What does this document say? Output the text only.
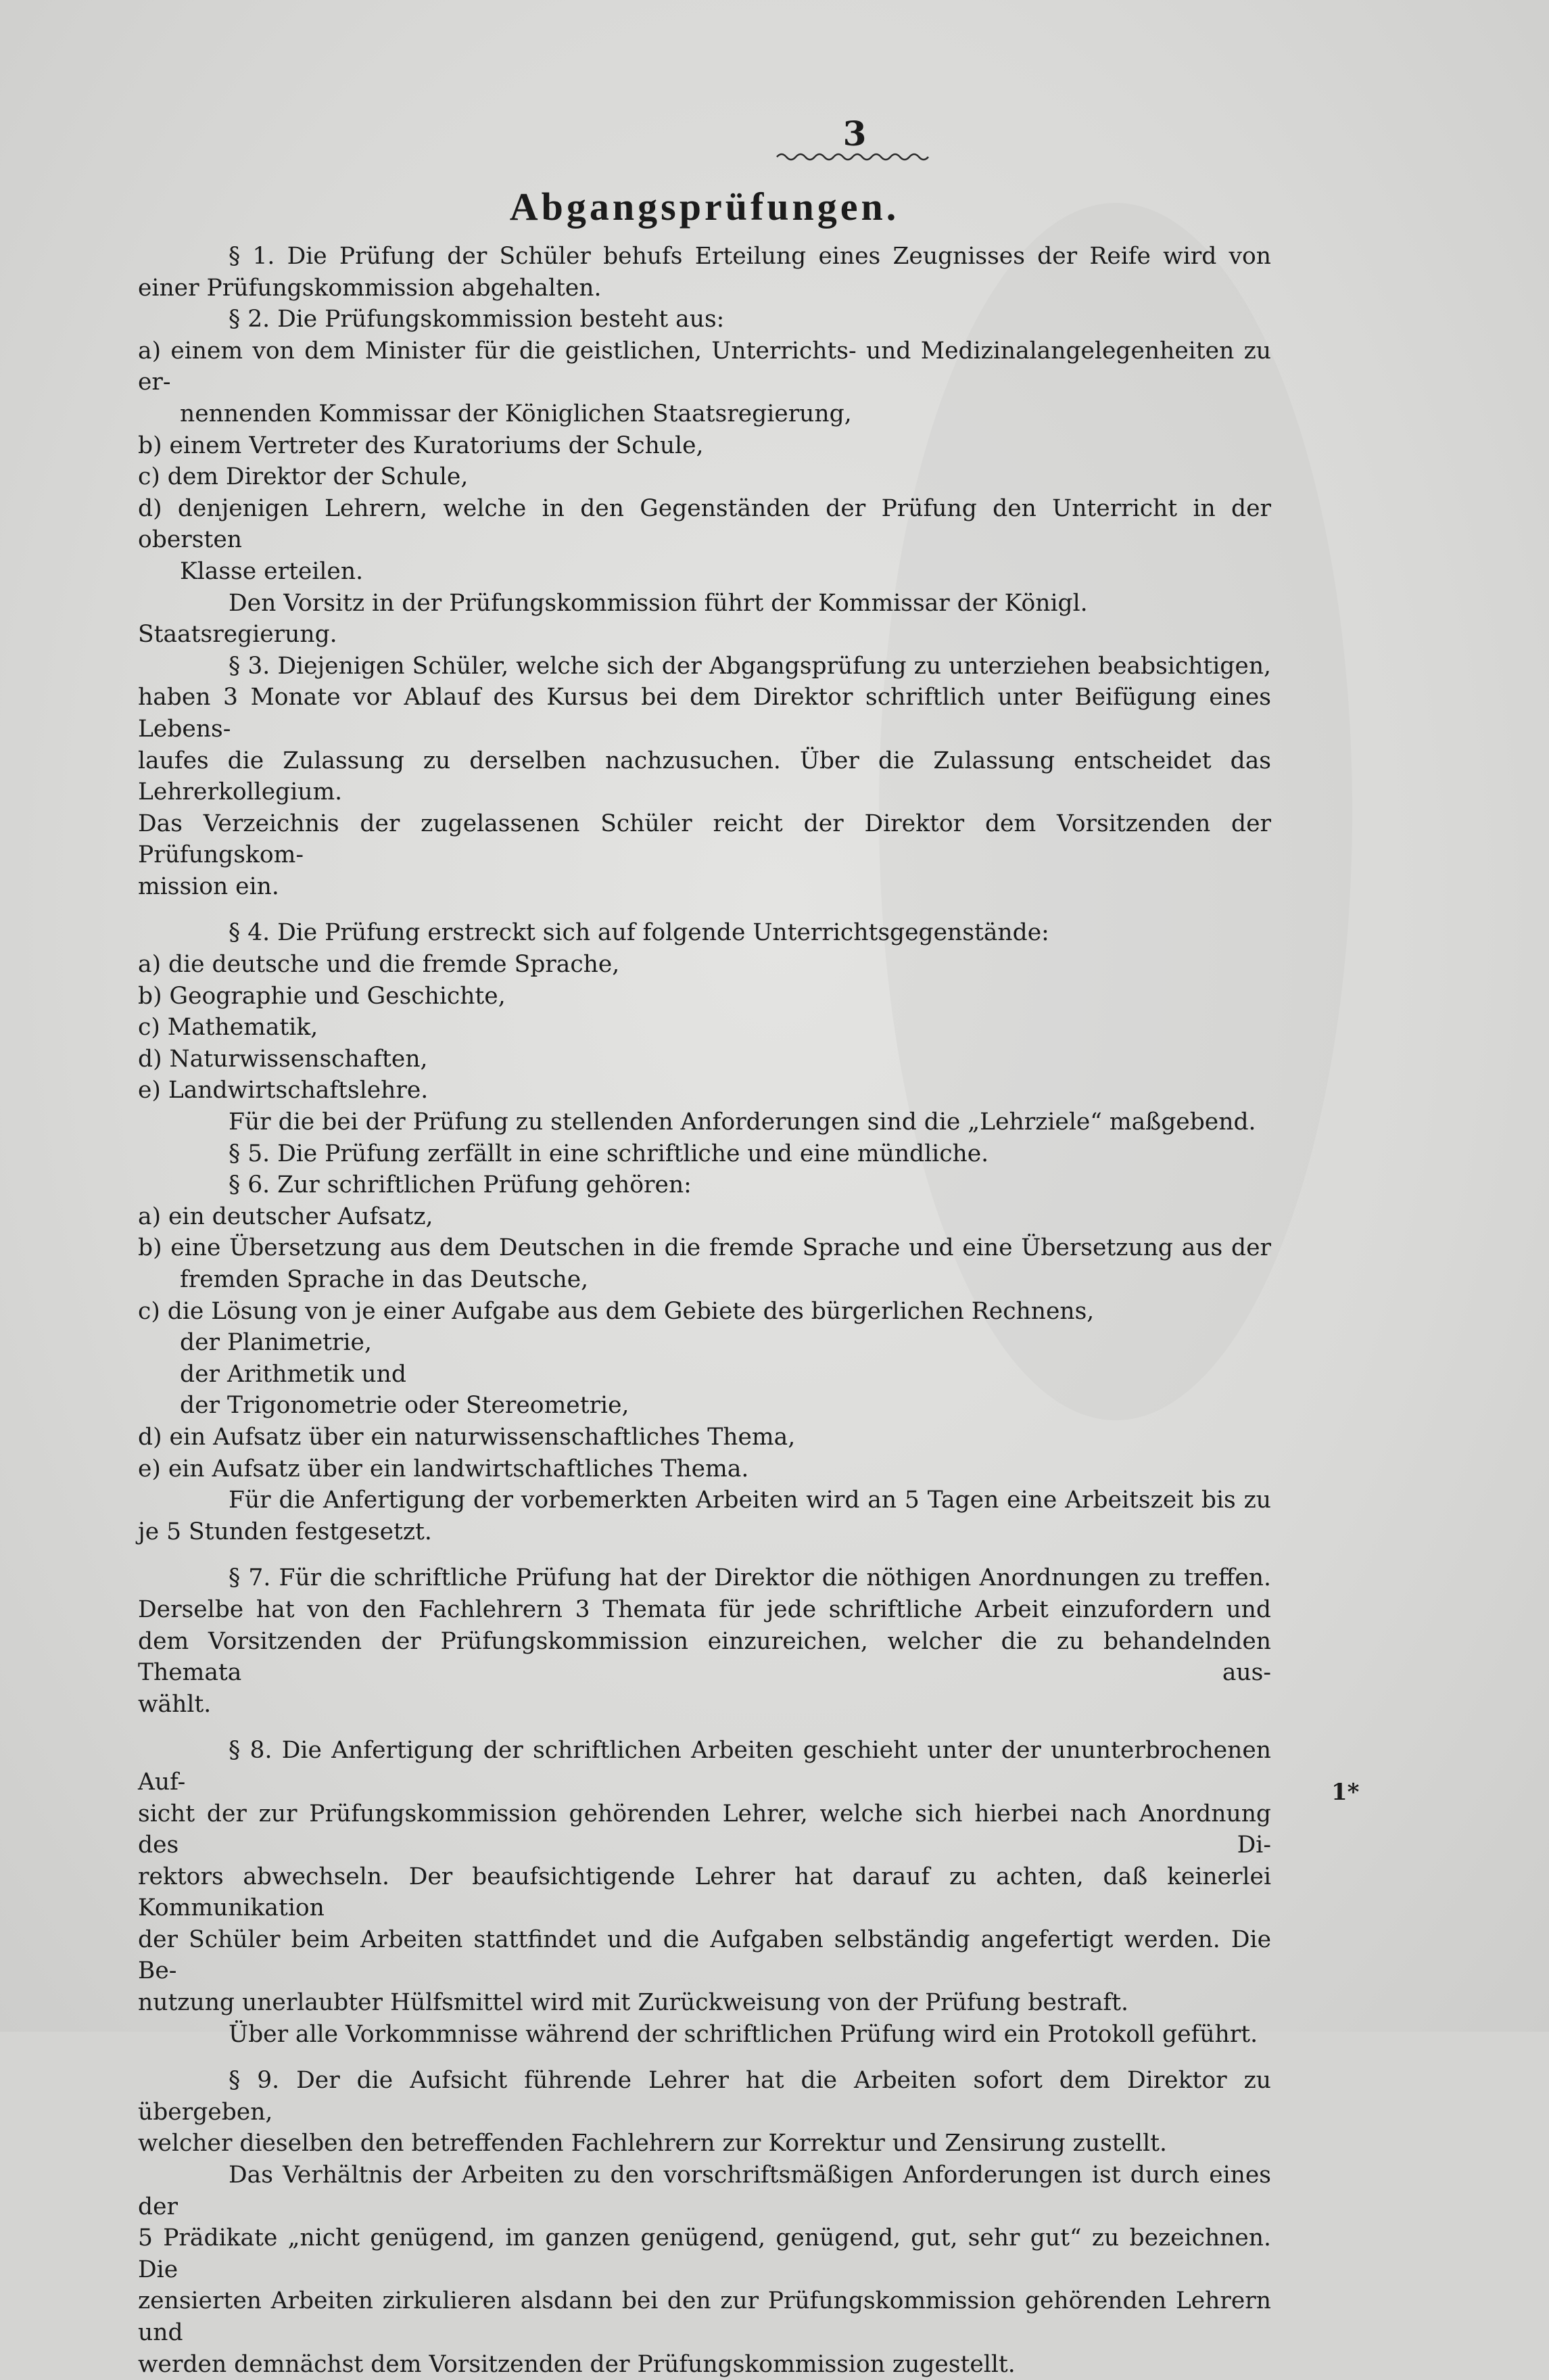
3
Abgangsprüfungen.

§ 1. Die Prüfung der Schüler behufs Erteilung eines Zeugnisses der Reife wird von

einer Prüfungskommission abgehalten.

§ 2. Die Prüfungskommission besteht aus:

a) einem von dem Minister für die geistlichen, Unterrichts- und Medizinalangelegenheiten zu er-

nennenden Kommissar der Königlichen Staatsregierung,

b) einem Vertreter des Kuratoriums der Schule,

c) dem Direktor der Schule,

d) denjenigen Lehrern, welche in den Gegenständen der Prüfung den Unterricht in der obersten

Klasse erteilen.

Den Vorsitz in der Prüfungskommission führt der Kommissar der Königl. Staatsregierung.

§ 3. Diejenigen Schüler, welche sich der Abgangsprüfung zu unterziehen beabsichtigen,

haben 3 Monate vor Ablauf des Kursus bei dem Direktor schriftlich unter Beifügung eines Lebens-

laufes die Zulassung zu derselben nachzusuchen. Über die Zulassung entscheidet das Lehrerkollegium.

Das Verzeichnis der zugelassenen Schüler reicht der Direktor dem Vorsitzenden der Prüfungskom-

mission ein.

§ 4. Die Prüfung erstreckt sich auf folgende Unterrichtsgegenstände:

a) die deutsche und die fremde Sprache,

b) Geographie und Geschichte,

c) Mathematik,

d) Naturwissenschaften,

e) Landwirtschaftslehre.

Für die bei der Prüfung zu stellenden Anforderungen sind die „Lehrziele“ maßgebend.

§ 5. Die Prüfung zerfällt in eine schriftliche und eine mündliche.

§ 6. Zur schriftlichen Prüfung gehören:

a) ein deutscher Aufsatz,

b) eine Übersetzung aus dem Deutschen in die fremde Sprache und eine Übersetzung aus der

fremden Sprache in das Deutsche,

c) die Lösung von je einer Aufgabe aus dem Gebiete des bürgerlichen Rechnens,

der Planimetrie,

der Arithmetik und

der Trigonometrie oder Stereometrie,

d) ein Aufsatz über ein naturwissenschaftliches Thema,

e) ein Aufsatz über ein landwirtschaftliches Thema.

Für die Anfertigung der vorbemerkten Arbeiten wird an 5 Tagen eine Arbeitszeit bis zu

je 5 Stunden festgesetzt.

§ 7. Für die schriftliche Prüfung hat der Direktor die nöthigen Anordnungen zu treffen.

Derselbe hat von den Fachlehrern 3 Themata für jede schriftliche Arbeit einzufordern und

dem Vorsitzenden der Prüfungskommission einzureichen, welcher die zu behandelnden Themata aus-

wählt.

§ 8. Die Anfertigung der schriftlichen Arbeiten geschieht unter der ununterbrochenen Auf-

sicht der zur Prüfungskommission gehörenden Lehrer, welche sich hierbei nach Anordnung des Di-

rektors abwechseln. Der beaufsichtigende Lehrer hat darauf zu achten, daß keinerlei Kommunikation

der Schüler beim Arbeiten stattfindet und die Aufgaben selbständig angefertigt werden. Die Be-

nutzung unerlaubter Hülfsmittel wird mit Zurückweisung von der Prüfung bestraft.

Über alle Vorkommnisse während der schriftlichen Prüfung wird ein Protokoll geführt.

§ 9. Der die Aufsicht führende Lehrer hat die Arbeiten sofort dem Direktor zu übergeben,

welcher dieselben den betreffenden Fachlehrern zur Korrektur und Zensirung zustellt.

Das Verhältnis der Arbeiten zu den vorschriftsmäßigen Anforderungen ist durch eines der

5 Prädikate „nicht genügend, im ganzen genügend, genügend, gut, sehr gut“ zu bezeichnen. Die

zensierten Arbeiten zirkulieren alsdann bei den zur Prüfungskommission gehörenden Lehrern und

werden demnächst dem Vorsitzenden der Prüfungskommission zugestellt.

1*
